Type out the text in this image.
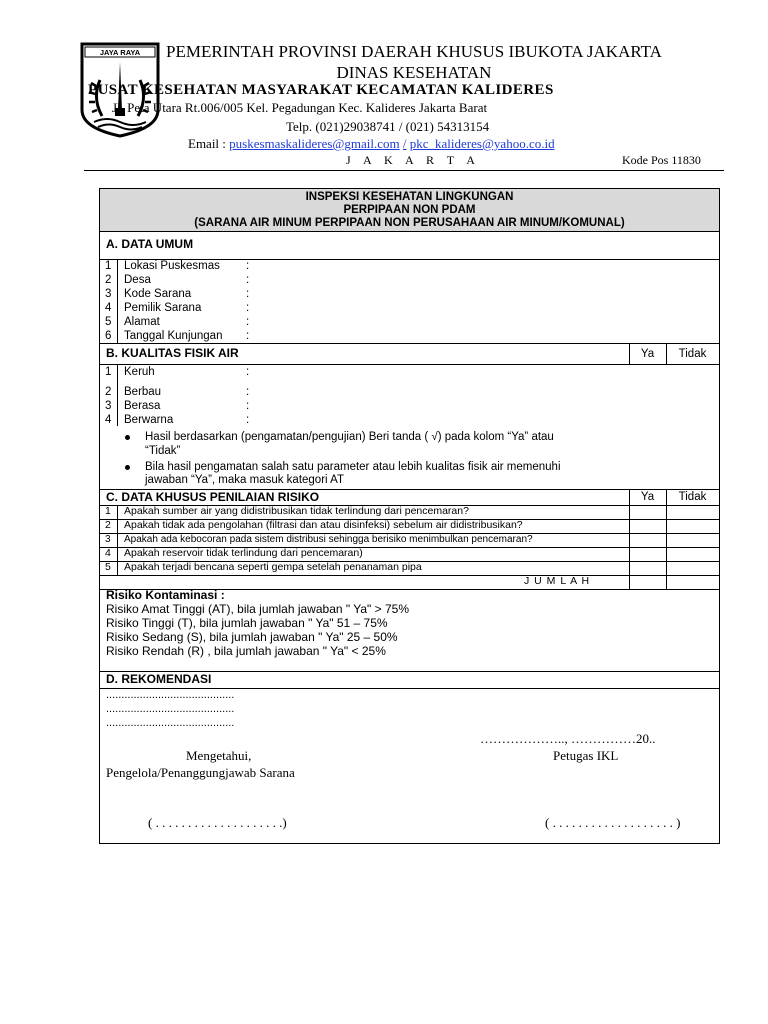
JAYA RAYA	PEMERINTAH PROVINSI DAERAH KHUSUS IBUKOTA JAKARTA
DINAS KESEHATAN
PUSAT KESEHATAN MASYARAKAT KECAMATAN KALIDERES
Jl. Peta Utara Rt.006/005 Kel. Pegadungan Kec. Kalideres Jakarta Barat
Telp. (021)29038741 / (021) 54313154
Email : puskesmaskalideres@gmail.com / pkc_kalideres@yahoo.co.id
J A K A R T A	Kode Pos 11830
INSPEKSI KESEHATAN LINGKUNGAN
PERPIPAAN NON PDAM
(SARANA AIR MINUM PERPIPAAN NON PERUSAHAAN AIR MINUM/KOMUNAL)
A. DATA UMUM
1 Lokasi Puskesmas :
2 Desa	:
3 Kode Sarana	:
4 Pemilik Sarana	:
5 Alamat	:
6 Tanggal Kunjungan :
B. KUALITAS FISIK AIR	Ya	Tidak
1 Keruh	:
2 Berbau	:
3 Berasa	:
4 Berwarna	:
Hasil berdasarkan (pengamatan/pengujian) Beri tanda ( √) pada kolom “Ya” atau
“Tidak”
Bila hasil pengamatan salah satu parameter atau lebih kualitas fisik air memenuhi
jawaban “Ya”, maka masuk kategori AT
C. DATA KHUSUS PENILAIAN RISIKO	Ya	Tidak
1 Apakah sumber air yang didistribusikan tidak terlindung dari pencemaran?
2 Apakah tidak ada pengolahan (filtrasi dan atau disinfeksi) sebelum air didistribusikan?
3 Apakah ada kebocoran pada sistem distribusi sehingga berisiko menimbulkan pencemaran?
4 Apakah reservoir tidak terlindung dari pencemaran)
5 Apakah terjadi bencana seperti gempa setelah penanaman pipa
J U M L A H
Risiko Kontaminasi :
Risiko Amat Tinggi (AT), bila jumlah jawaban " Ya" > 75%
Risiko Tinggi (T), bila jumlah jawaban " Ya" 51 – 75%
Risiko Sedang (S), bila jumlah jawaban " Ya" 25 – 50%
Risiko Rendah (R) , bila jumlah jawaban " Ya" < 25%
D. REKOMENDASI
..........................................
..........................................
..........................................
……………….., ……………20..
Mengetahui,	Petugas IKL
Pengelola/Penanggungjawab Sarana
( . . . . . . . . . . . . . . . . . . . .)	( . . . . . . . . . . . . . . . . . . . )
